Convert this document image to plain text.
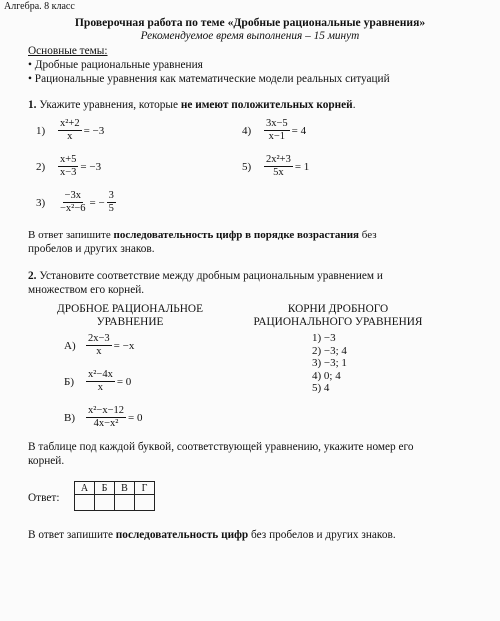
Алгебра. 8 класс
Проверочная работа по теме «Дробные рациональные уравнения»
Рекомендуемое время выполнения – 15 минут
Основные темы:
• Дробные рациональные уравнения
• Рациональные уравнения как математические модели реальных ситуаций
1. Укажите уравнения, которые не имеют положительных корней.
1)	$\frac{\text{x²+2}}{x} = -3$
2)	$\frac{x+5}{x-3} = -3$
3)	$\frac{-3x}{\text{−x²−6}}$ = − $\frac{3}{5}$
4)	$\frac{3x-5}{x-1} = 4$
5)	$\frac{\text{2x²+3}}{5x} = 1$
В ответ запишите последовательность цифр в порядке возрастания без
пробелов и других знаков.
2. Установите соответствие между дробным рациональным уравнением и
множеством его корней.
ДРОБНОЕ РАЦИОНАЛЬНОЕ
УРАВНЕНИЕ
КОРНИ ДРОБНОГО
РАЦИОНАЛЬНОГО УРАВНЕНИЯ
$А) \frac{2x-3}{x} = -x$
Б)	$\frac{\text{x²−4x}}{x} = 0$
В)	$\frac{\text{x²−x−12}}{\text{4x−x²}} = 0$
1) −3
2) −3; 4
3) −3; 1
4) 0; 4
5) 4
В таблице под каждой буквой, соответствующей уравнению, укажите номер его
корней.
Ответ:
А	Б	В	Г

В ответ запишите последовательность цифр без пробелов и других знаков.
